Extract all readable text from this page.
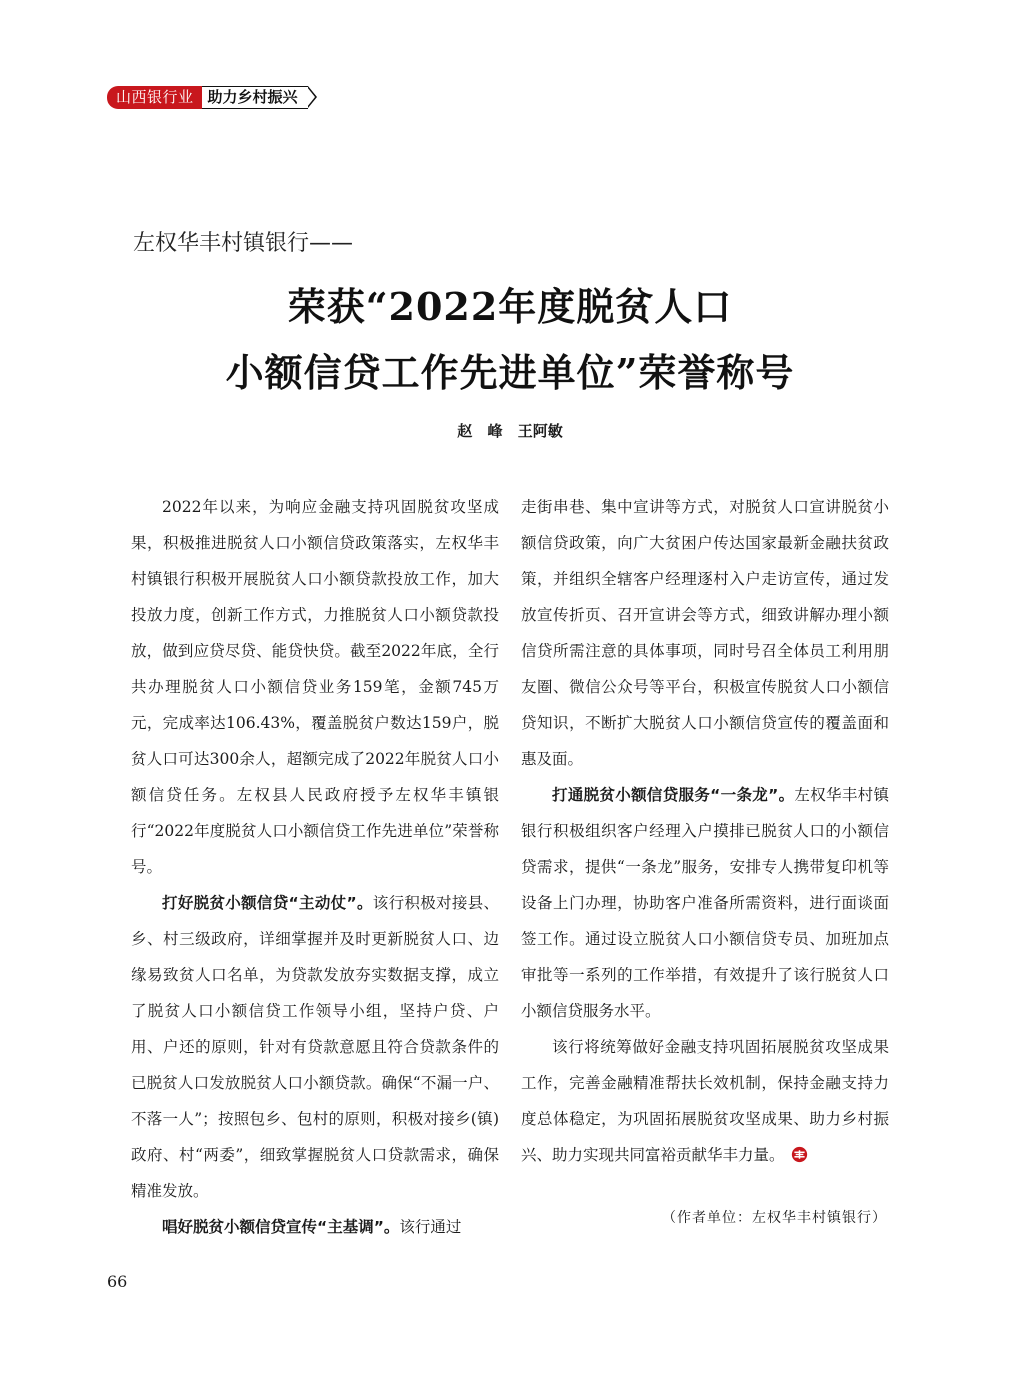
山西银行业 助力乡村振兴
左权华丰村镇银行——
荣获“2022年度脱贫人口
小额信贷工作先进单位”荣誉称号
赵 峰 王阿敏

2022年以来，为响应金融支持巩固脱贫攻坚成果，积极推进脱贫人口小额信贷政策落实，左权华丰村镇银行积极开展脱贫人口小额贷款投放工作，加大投放力度，创新工作方式，力推脱贫人口小额贷款投放，做到应贷尽贷、能贷快贷。截至2022年底，全行共办理脱贫人口小额信贷业务159笔，金额745万元，完成率达106.43%，覆盖脱贫户数达159户，脱贫人口可达300余人，超额完成了2022年脱贫人口小额信贷任务。左权县人民政府授予左权华丰镇银行“2022年度脱贫人口小额信贷工作先进单位”荣誉称号。

打好脱贫小额信贷“主动仗”。该行积极对接县、乡、村三级政府，详细掌握并及时更新脱贫人口、边缘易致贫人口名单，为贷款发放夯实数据支撑，成立了脱贫人口小额信贷工作领导小组，坚持户贷、户用、户还的原则，针对有贷款意愿且符合贷款条件的已脱贫人口发放脱贫人口小额贷款。确保“不漏一户、不落一人”；按照包乡、包村的原则，积极对接乡(镇)政府、村“两委”，细致掌握脱贫人口贷款需求，确保精准发放。

唱好脱贫小额信贷宣传“主基调”。该行通过

走街串巷、集中宣讲等方式，对脱贫人口宣讲脱贫小额信贷政策，向广大贫困户传达国家最新金融扶贫政策，并组织全辖客户经理逐村入户走访宣传，通过发放宣传折页、召开宣讲会等方式，细致讲解办理小额信贷所需注意的具体事项，同时号召全体员工利用朋友圈、微信公众号等平台，积极宣传脱贫人口小额信贷知识，不断扩大脱贫人口小额信贷宣传的覆盖面和惠及面。

打通脱贫小额信贷服务“一条龙”。左权华丰村镇银行积极组织客户经理入户摸排已脱贫人口的小额信贷需求，提供“一条龙”服务，安排专人携带复印机等设备上门办理，协助客户准备所需资料，进行面谈面签工作。通过设立脱贫人口小额信贷专员、加班加点审批等一系列的工作举措，有效提升了该行脱贫人口小额信贷服务水平。

该行将统筹做好金融支持巩固拓展脱贫攻坚成果工作，完善金融精准帮扶长效机制，保持金融支持力度总体稳定，为巩固拓展脱贫攻坚成果、助力乡村振兴、助力实现共同富裕贡献华丰力量。

（作者单位：左权华丰村镇银行）
66
